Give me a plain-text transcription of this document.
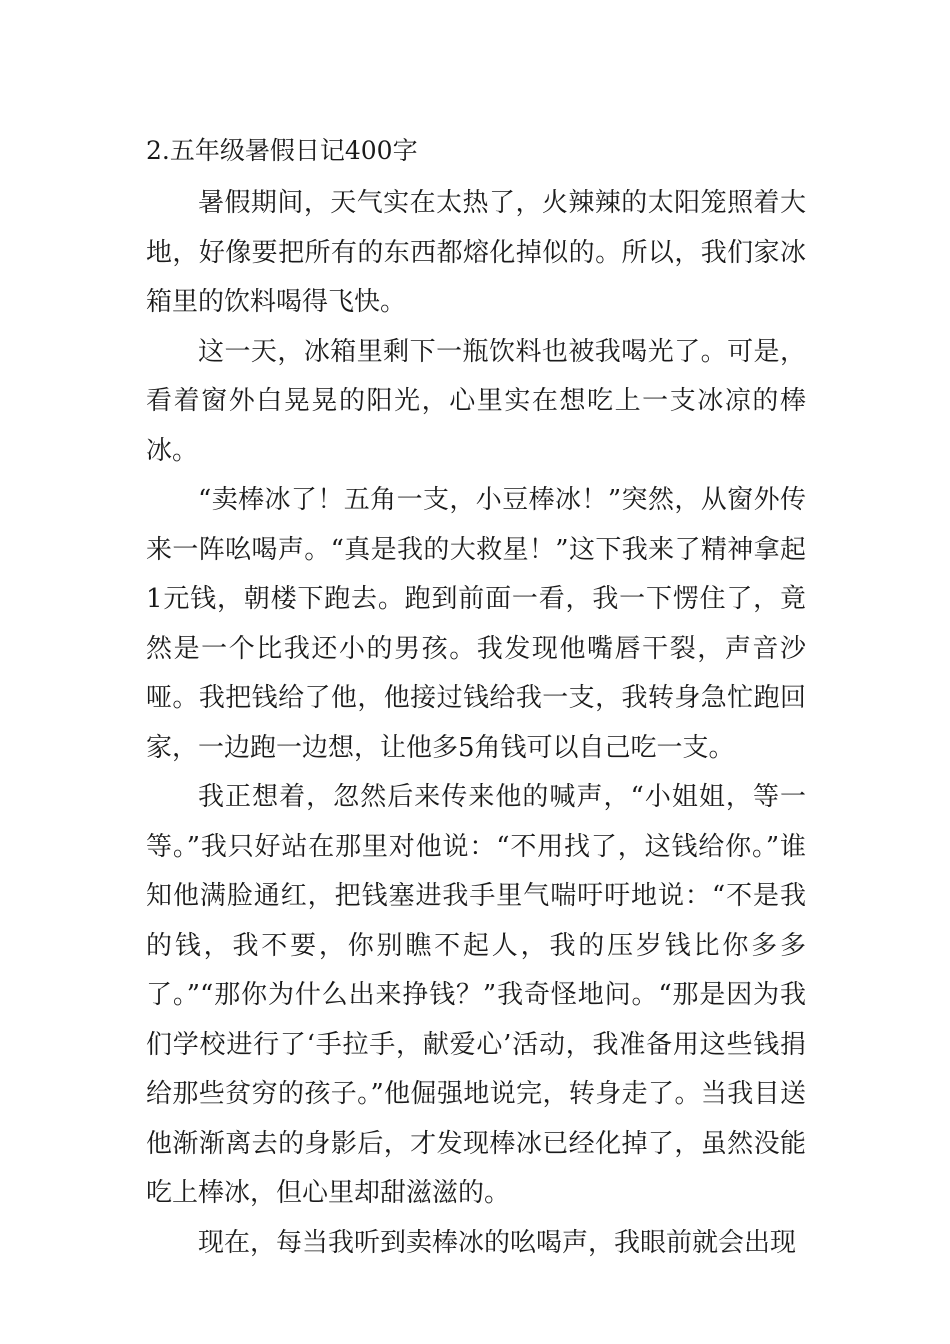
2.五年级暑假日记400字

暑假期间，天气实在太热了，火辣辣的太阳笼照着大地，好像要把所有的东西都熔化掉似的。所以，我们家冰箱里的饮料喝得飞快。

这一天，冰箱里剩下一瓶饮料也被我喝光了。可是，看着窗外白晃晃的阳光，心里实在想吃上一支冰凉的棒冰。

“卖棒冰了！五角一支，小豆棒冰！”突然，从窗外传来一阵吆喝声。“真是我的大救星！”这下我来了精神拿起1元钱，朝楼下跑去。跑到前面一看，我一下愣住了，竟然是一个比我还小的男孩。我发现他嘴唇干裂，声音沙哑。我把钱给了他，他接过钱给我一支，我转身急忙跑回家，一边跑一边想，让他多5角钱可以自己吃一支。

我正想着，忽然后来传来他的喊声，“小姐姐，等一等。”我只好站在那里对他说：“不用找了，这钱给你。”谁知他满脸通红，把钱塞进我手里气喘吁吁地说：“不是我的钱，我不要，你别瞧不起人，我的压岁钱比你多多了。”“那你为什么出来挣钱？”我奇怪地问。“那是因为我们学校进行了‘手拉手，献爱心’活动，我准备用这些钱捐给那些贫穷的孩子。”他倔强地说完，转身走了。当我目送他渐渐离去的身影后，才发现棒冰已经化掉了，虽然没能吃上棒冰，但心里却甜滋滋的。

现在，每当我听到卖棒冰的吆喝声，我眼前就会出现
